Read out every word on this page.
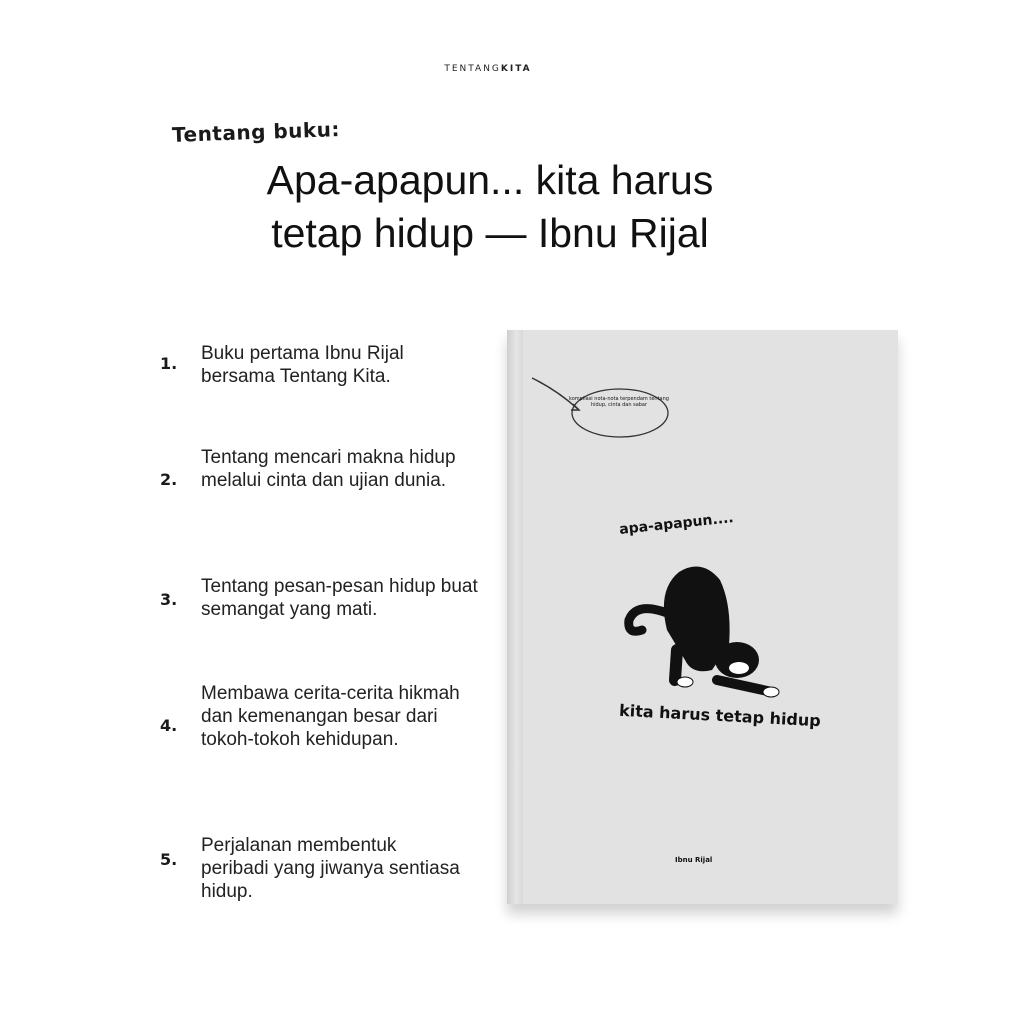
TENTANGKITA
Tentang buku:
Apa-apapun... kita harus
tetap hidup — Ibnu Rijal
1. Buku pertama Ibnu Rijal bersama Tentang Kita.
2.
Tentang mencari makna hidup melalui cinta dan ujian dunia.
3.
Tentang pesan-pesan hidup buat semangat yang mati.
4.
Membawa cerita-cerita hikmah dan kemenangan besar dari tokoh-tokoh kehidupan.
5.
Perjalanan membentuk peribadi yang jiwanya sentiasa hidup.
kompilasi nota-nota terpendam tentang hidup, cinta dan sabar
apa-apapun....
kita harus tetap hidup
Ibnu Rijal
